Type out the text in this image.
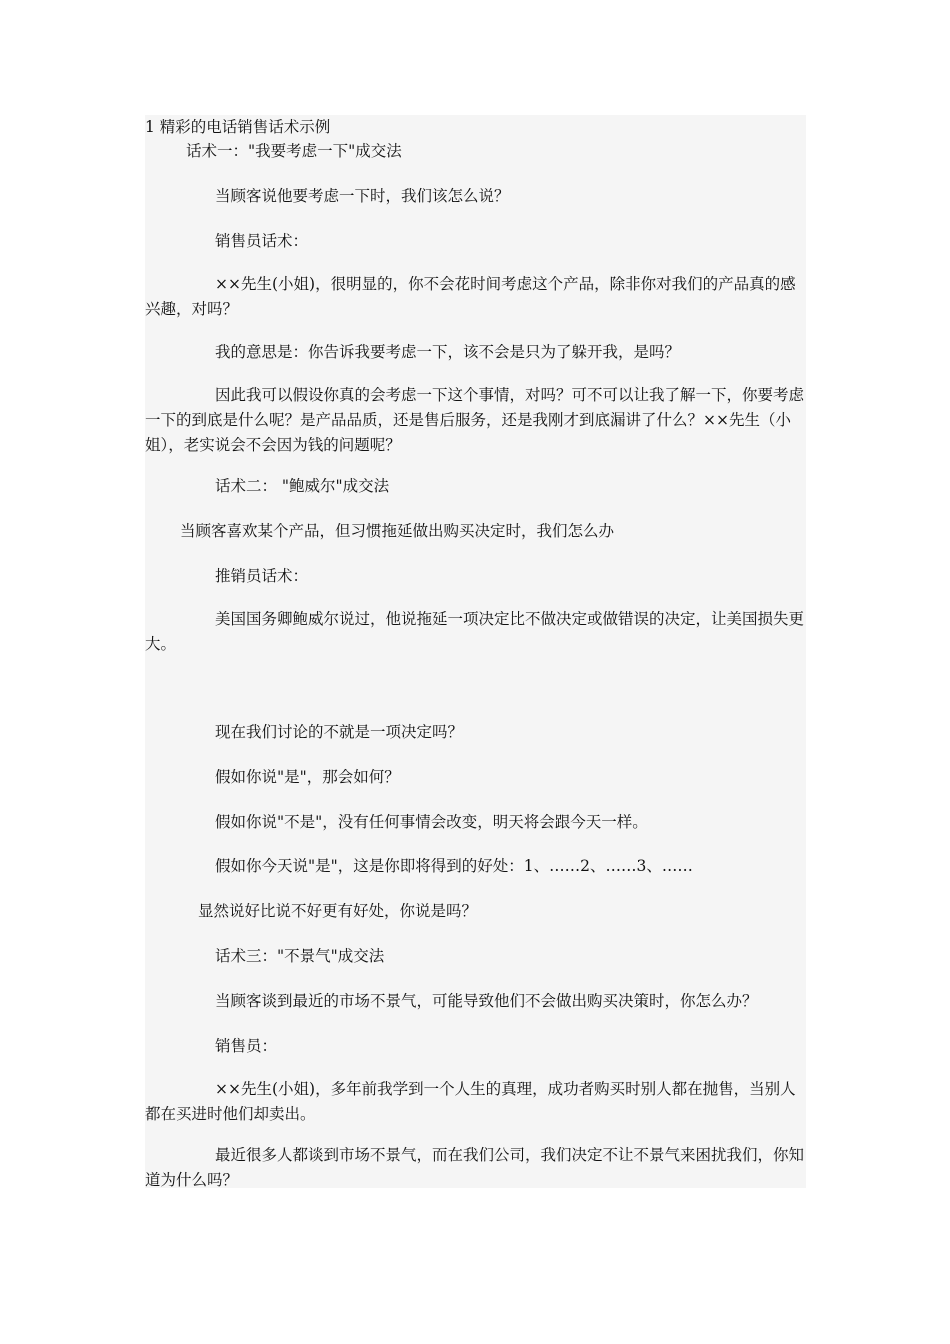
1 精彩的电话销售话术示例
话术一："我要考虑一下"成交法
当顾客说他要考虑一下时，我们该怎么说？
销售员话术：
××先生(小姐)，很明显的，你不会花时间考虑这个产品，除非你对我们的产品真的感兴趣，对吗？
我的意思是：你告诉我要考虑一下，该不会是只为了躲开我，是吗？
因此我可以假设你真的会考虑一下这个事情，对吗？可不可以让我了解一下，你要考虑一下的到底是什么呢？是产品品质，还是售后服务，还是我刚才到底漏讲了什么？××先生（小姐），老实说会不会因为钱的问题呢？
话术二： "鲍威尔"成交法
当顾客喜欢某个产品，但习惯拖延做出购买决定时，我们怎么办
推销员话术：
美国国务卿鲍威尔说过，他说拖延一项决定比不做决定或做错误的决定，让美国损失更大。
现在我们讨论的不就是一项决定吗？
假如你说"是"，那会如何？
假如你说"不是"，没有任何事情会改变，明天将会跟今天一样。
假如你今天说"是"，这是你即将得到的好处：1、……2、……3、……
显然说好比说不好更有好处，你说是吗？
话术三："不景气"成交法
当顾客谈到最近的市场不景气，可能导致他们不会做出购买决策时，你怎么办？
销售员：
××先生(小姐)，多年前我学到一个人生的真理，成功者购买时别人都在抛售，当别人都在买进时他们却卖出。
最近很多人都谈到市场不景气，而在我们公司，我们决定不让不景气来困扰我们，你知道为什么吗？
